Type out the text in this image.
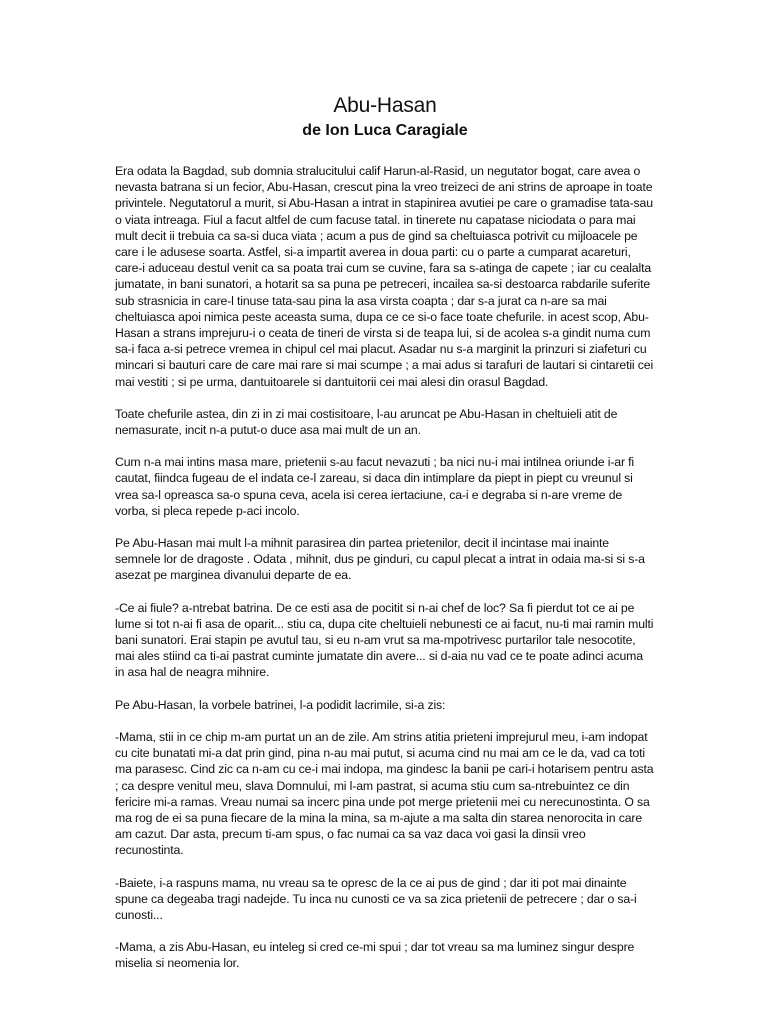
Abu-Hasan
de Ion Luca Caragiale

Era odata la Bagdad, sub domnia stralucitului calif Harun-al-Rasid, un negutator bogat, care avea o nevasta batrana si un fecior, Abu-Hasan, crescut pina la vreo treizeci de ani strins de aproape in toate privintele. Negutatorul a murit, si Abu-Hasan a intrat in stapinirea avutiei pe care o gramadise tata-sau o viata intreaga. Fiul a facut altfel de cum facuse tatal. in tinerete nu capatase niciodata o para mai mult decit ii trebuia ca sa-si duca viata ; acum a pus de gind sa cheltuiasca potrivit cu mijloacele pe care i le adusese soarta. Astfel, si-a impartit averea in doua parti: cu o parte a cumparat acareturi, care-i aduceau destul venit ca sa poata trai cum se cuvine, fara sa s-atinga de capete ; iar cu cealalta jumatate, in bani sunatori, a hotarit sa sa puna pe petreceri, incailea sa-si destoarca rabdarile suferite sub strasnicia in care-l tinuse tata-sau pina la asa virsta coapta ; dar s-a jurat ca n-are sa mai cheltuiasca apoi nimica peste aceasta suma, dupa ce ce si-o face toate chefurile. in acest scop, Abu-Hasan a strans imprejuru-i o ceata de tineri de virsta si de teapa lui, si de acolea s-a gindit numa cum sa-i faca a-si petrece vremea in chipul cel mai placut. Asadar nu s-a marginit la prinzuri si ziafeturi cu mincari si bauturi care de care mai rare si mai scumpe ; a mai adus si tarafuri de lautari si cintaretii cei mai vestiti ; si pe urma, dantuitoarele si dantuitorii cei mai alesi din orasul Bagdad.

Toate chefurile astea, din zi in zi mai costisitoare, l-au aruncat pe Abu-Hasan in cheltuieli atit de nemasurate, incit n-a putut-o duce asa mai mult de un an.

Cum n-a mai intins masa mare, prietenii s-au facut nevazuti ; ba nici nu-i mai intilnea oriunde i-ar fi cautat, fiindca fugeau de el indata ce-l zareau, si daca din intimplare da piept in piept cu vreunul si vrea sa-l opreasca sa-o spuna ceva, acela isi cerea iertaciune, ca-i e degraba si n-are vreme de vorba, si pleca repede p-aci incolo.

Pe Abu-Hasan mai mult l-a mihnit parasirea din partea prietenilor, decit il incintase mai inainte semnele lor de dragoste . Odata , mihnit, dus pe ginduri, cu capul plecat a intrat in odaia ma-si si s-a asezat pe marginea divanului departe de ea.

-Ce ai fiule? a-ntrebat batrina. De ce esti asa de pocitit si n-ai chef de loc? Sa fi pierdut tot ce ai pe lume si tot n-ai fi asa de oparit... stiu ca, dupa cite cheltuieli nebunesti ce ai facut, nu-ti mai ramin multi bani sunatori. Erai stapin pe avutul tau, si eu n-am vrut sa ma-mpotrivesc purtarilor tale nesocotite, mai ales stiind ca ti-ai pastrat cuminte jumatate din avere... si d-aia nu vad ce te poate adinci acuma in asa hal de neagra mihnire.

Pe Abu-Hasan, la vorbele batrinei, l-a podidit lacrimile, si-a zis:

-Mama, stii in ce chip m-am purtat un an de zile. Am strins atitia prieteni imprejurul meu, i-am indopat cu cite bunatati mi-a dat prin gind, pina n-au mai putut, si acuma cind nu mai am ce le da, vad ca toti ma parasesc. Cind zic ca n-am cu ce-i mai indopa, ma gindesc la banii pe cari-i hotarisem pentru asta ; ca despre venitul meu, slava Domnului, mi l-am pastrat, si acuma stiu cum sa-ntrebuintez ce din fericire mi-a ramas. Vreau numai sa incerc pina unde pot merge prietenii mei cu nerecunostinta. O sa ma rog de ei sa puna fiecare de la mina la mina, sa m-ajute a ma salta din starea nenorocita in care am cazut. Dar asta, precum ti-am spus, o fac numai ca sa vaz daca voi gasi la dinsii vreo recunostinta.

-Baiete, i-a raspuns mama, nu vreau sa te opresc de la ce ai pus de gind ; dar iti pot mai dinainte spune ca degeaba tragi nadejde. Tu inca nu cunosti ce va sa zica prietenii de petrecere ; dar o sa-i cunosti...

-Mama, a zis Abu-Hasan, eu inteleg si cred ce-mi spui ; dar tot vreau sa ma luminez singur despre miselia si neomenia lor.
